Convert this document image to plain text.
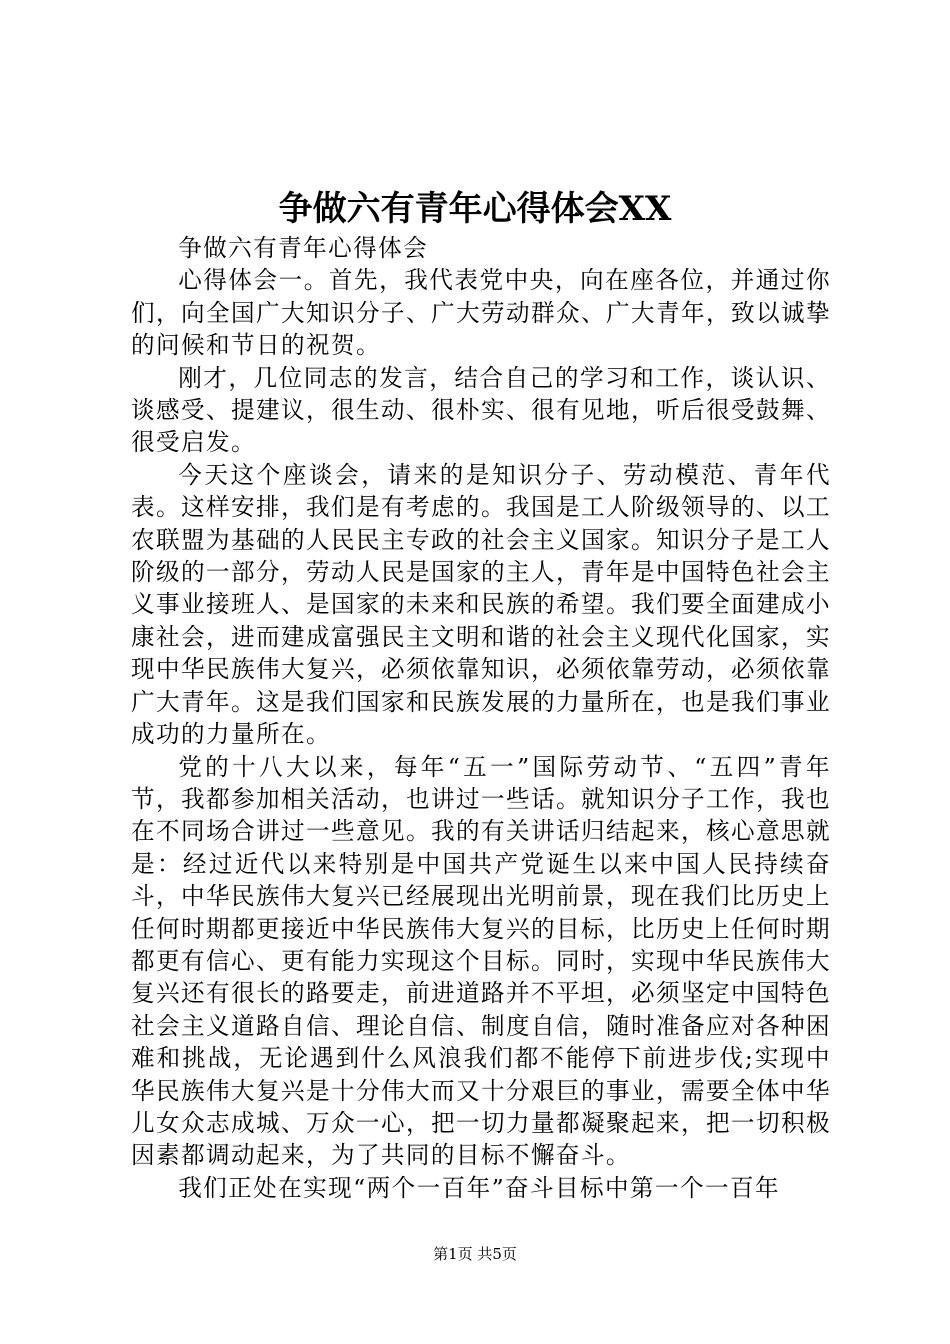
争做六有青年心得体会XX

争做六有青年心得体会

心得体会一。首先，我代表党中央，向在座各位，并通过你们，向全国广大知识分子、广大劳动群众、广大青年，致以诚挚的问候和节日的祝贺。

刚才，几位同志的发言，结合自己的学习和工作，谈认识、谈感受、提建议，很生动、很朴实、很有见地，听后很受鼓舞、很受启发。

今天这个座谈会，请来的是知识分子、劳动模范、青年代表。这样安排，我们是有考虑的。我国是工人阶级领导的、以工农联盟为基础的人民民主专政的社会主义国家。知识分子是工人阶级的一部分，劳动人民是国家的主人，青年是中国特色社会主义事业接班人、是国家的未来和民族的希望。我们要全面建成小康社会，进而建成富强民主文明和谐的社会主义现代化国家，实现中华民族伟大复兴，必须依靠知识，必须依靠劳动，必须依靠广大青年。这是我们国家和民族发展的力量所在，也是我们事业成功的力量所在。

党的十八大以来，每年“五一”国际劳动节、“五四”青年节，我都参加相关活动，也讲过一些话。就知识分子工作，我也在不同场合讲过一些意见。我的有关讲话归结起来，核心意思就是：经过近代以来特别是中国共产党诞生以来中国人民持续奋斗，中华民族伟大复兴已经展现出光明前景，现在我们比历史上任何时期都更接近中华民族伟大复兴的目标，比历史上任何时期都更有信心、更有能力实现这个目标。同时，实现中华民族伟大复兴还有很长的路要走，前进道路并不平坦，必须坚定中国特色社会主义道路自信、理论自信、制度自信，随时准备应对各种困难和挑战，无论遇到什么风浪我们都不能停下前进步伐;实现中华民族伟大复兴是十分伟大而又十分艰巨的事业，需要全体中华儿女众志成城、万众一心，把一切力量都凝聚起来，把一切积极因素都调动起来，为了共同的目标不懈奋斗。

我们正处在实现“两个一百年”奋斗目标中第一个一百年

第1页 共5页
